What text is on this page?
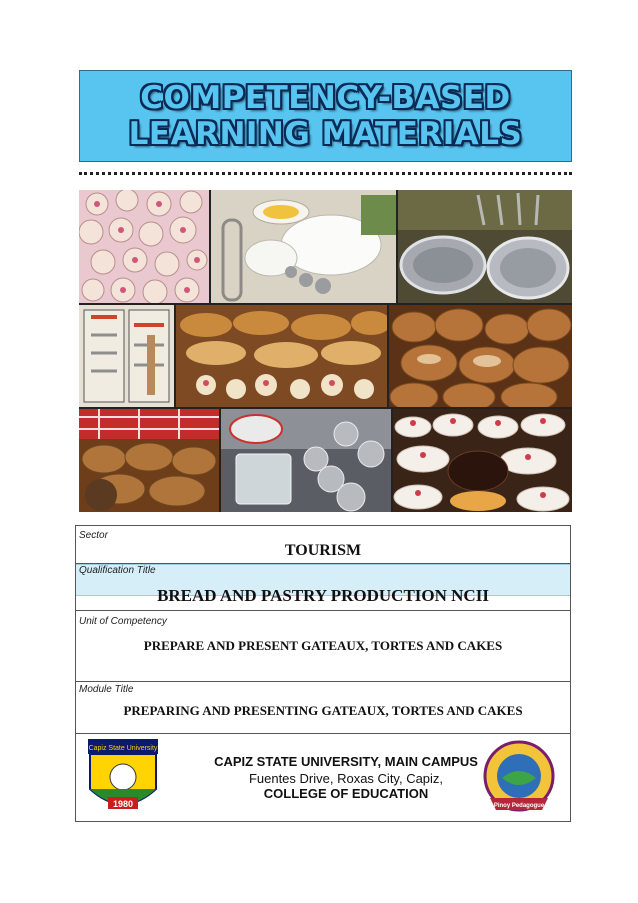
COMPETENCY-BASED
LEARNING MATERIALS
Sector
TOURISM
Qualification Title
BREAD AND PASTRY PRODUCTION NCII
Unit of Competency
PREPARE AND PRESENT GATEAUX, TORTES AND CAKES
Module Title
PREPARING AND PRESENTING GATEAUX, TORTES AND CAKES
Capiz State University
1980
CAPIZ STATE UNIVERSITY, MAIN CAMPUS
Fuentes Drive, Roxas City, Capiz,
COLLEGE OF EDUCATION
Pinoy Pedagogue
